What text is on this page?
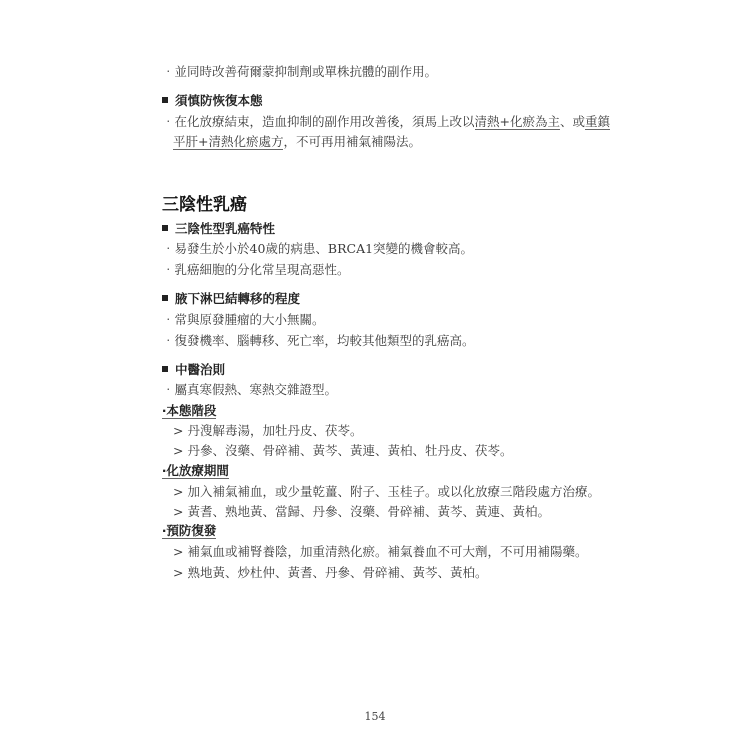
‧並同時改善荷爾蒙抑制劑或單株抗體的副作用。
須慎防恢復本態
‧在化放療結束，造血抑制的副作用改善後，須馬上改以清熱+化瘀為主、或重鎮
平肝+清熱化瘀處方，不可再用補氣補陽法。
三陰性乳癌
三陰性型乳癌特性
‧易發生於小於40歲的病患、BRCA1突變的機會較高。
‧乳癌細胞的分化常呈現高惡性。
腋下淋巴結轉移的程度
‧常與原發腫瘤的大小無關。
‧復發機率、腦轉移、死亡率，均較其他類型的乳癌高。
中醫治則
‧屬真寒假熱、寒熱交雜證型。
‧本態階段
> 丹溲解毒湯，加牡丹皮、茯苓。
> 丹參、沒藥、骨碎補、黃芩、黃連、黃柏、牡丹皮、茯苓。
‧化放療期間
> 加入補氣補血，或少量乾薑、附子、玉桂子。或以化放療三階段處方治療。
> 黃耆、熟地黃、當歸、丹參、沒藥、骨碎補、黃芩、黃連、黃柏。
‧預防復發
> 補氣血或補腎養陰，加重清熱化瘀。補氣養血不可大劑，不可用補陽藥。
> 熟地黃、炒杜仲、黃耆、丹參、骨碎補、黃芩、黃柏。
154
